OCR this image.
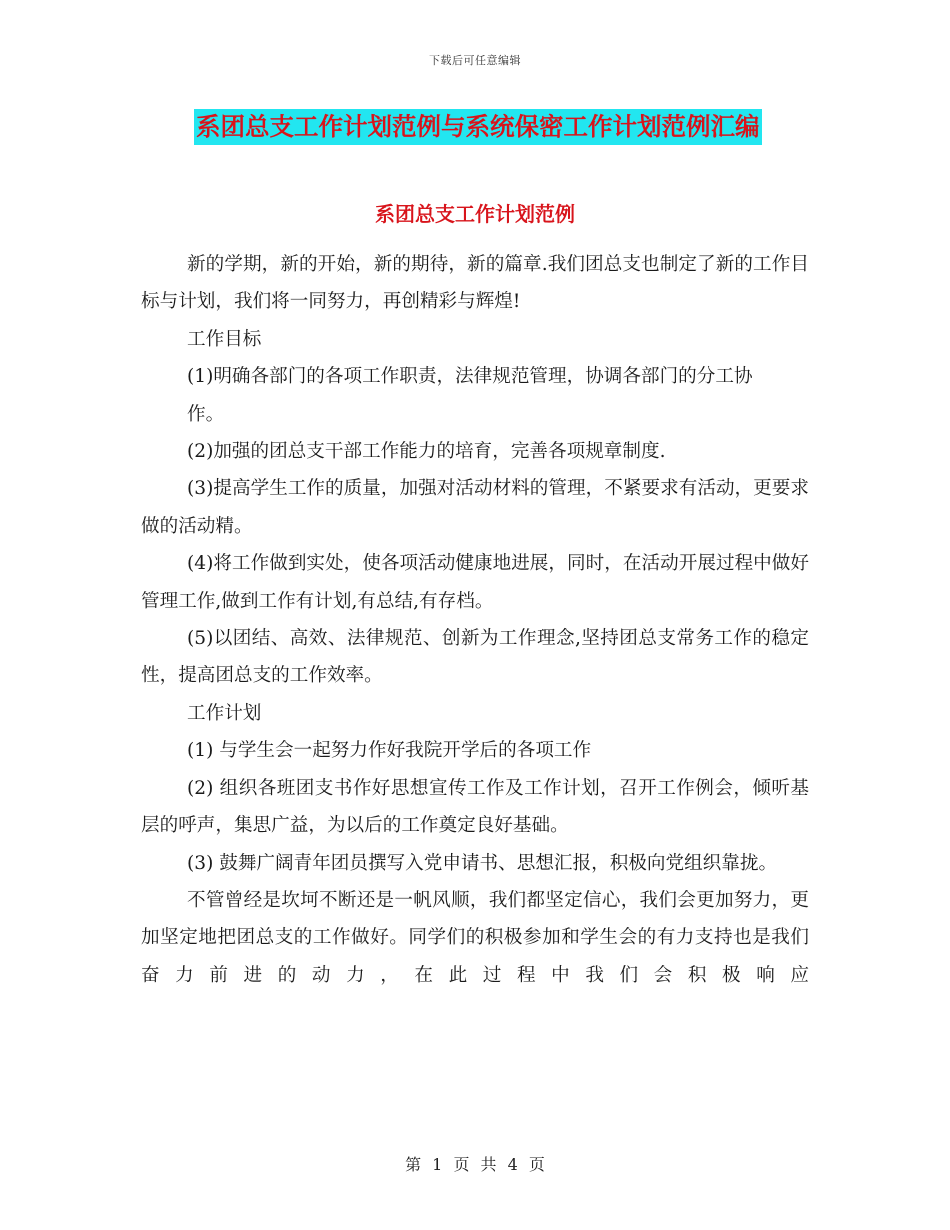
下载后可任意编辑
系团总支工作计划范例与系统保密工作计划范例汇编
系团总支工作计划范例

新的学期，新的开始，新的期待，新的篇章.我们团总支也制定了新的工作目标与计划，我们将一同努力，再创精彩与辉煌!

工作目标

(1)明确各部门的各项工作职责，法律规范管理，协调各部门的分工协

作。

(2)加强的团总支干部工作能力的培育，完善各项规章制度.

(3)提高学生工作的质量，加强对活动材料的管理，不紧要求有活动，更要求做的活动精。

(4)将工作做到实处，使各项活动健康地进展，同时，在活动开展过程中做好管理工作,做到工作有计划,有总结,有存档。

(5)以团结、高效、法律规范、创新为工作理念,坚持团总支常务工作的稳定性，提高团总支的工作效率。

工作计划

(1) 与学生会一起努力作好我院开学后的各项工作

(2) 组织各班团支书作好思想宣传工作及工作计划，召开工作例会，倾听基层的呼声，集思广益，为以后的工作奠定良好基础。

(3) 鼓舞广阔青年团员撰写入党申请书、思想汇报，积极向党组织靠拢。

不管曾经是坎坷不断还是一帆风顺，我们都坚定信心，我们会更加努力，更加坚定地把团总支的工作做好。同学们的积极参加和学生会的有力支持也是我们奋力前进的动力，在此过程中我们会积极响应

第 1 页 共 4 页
